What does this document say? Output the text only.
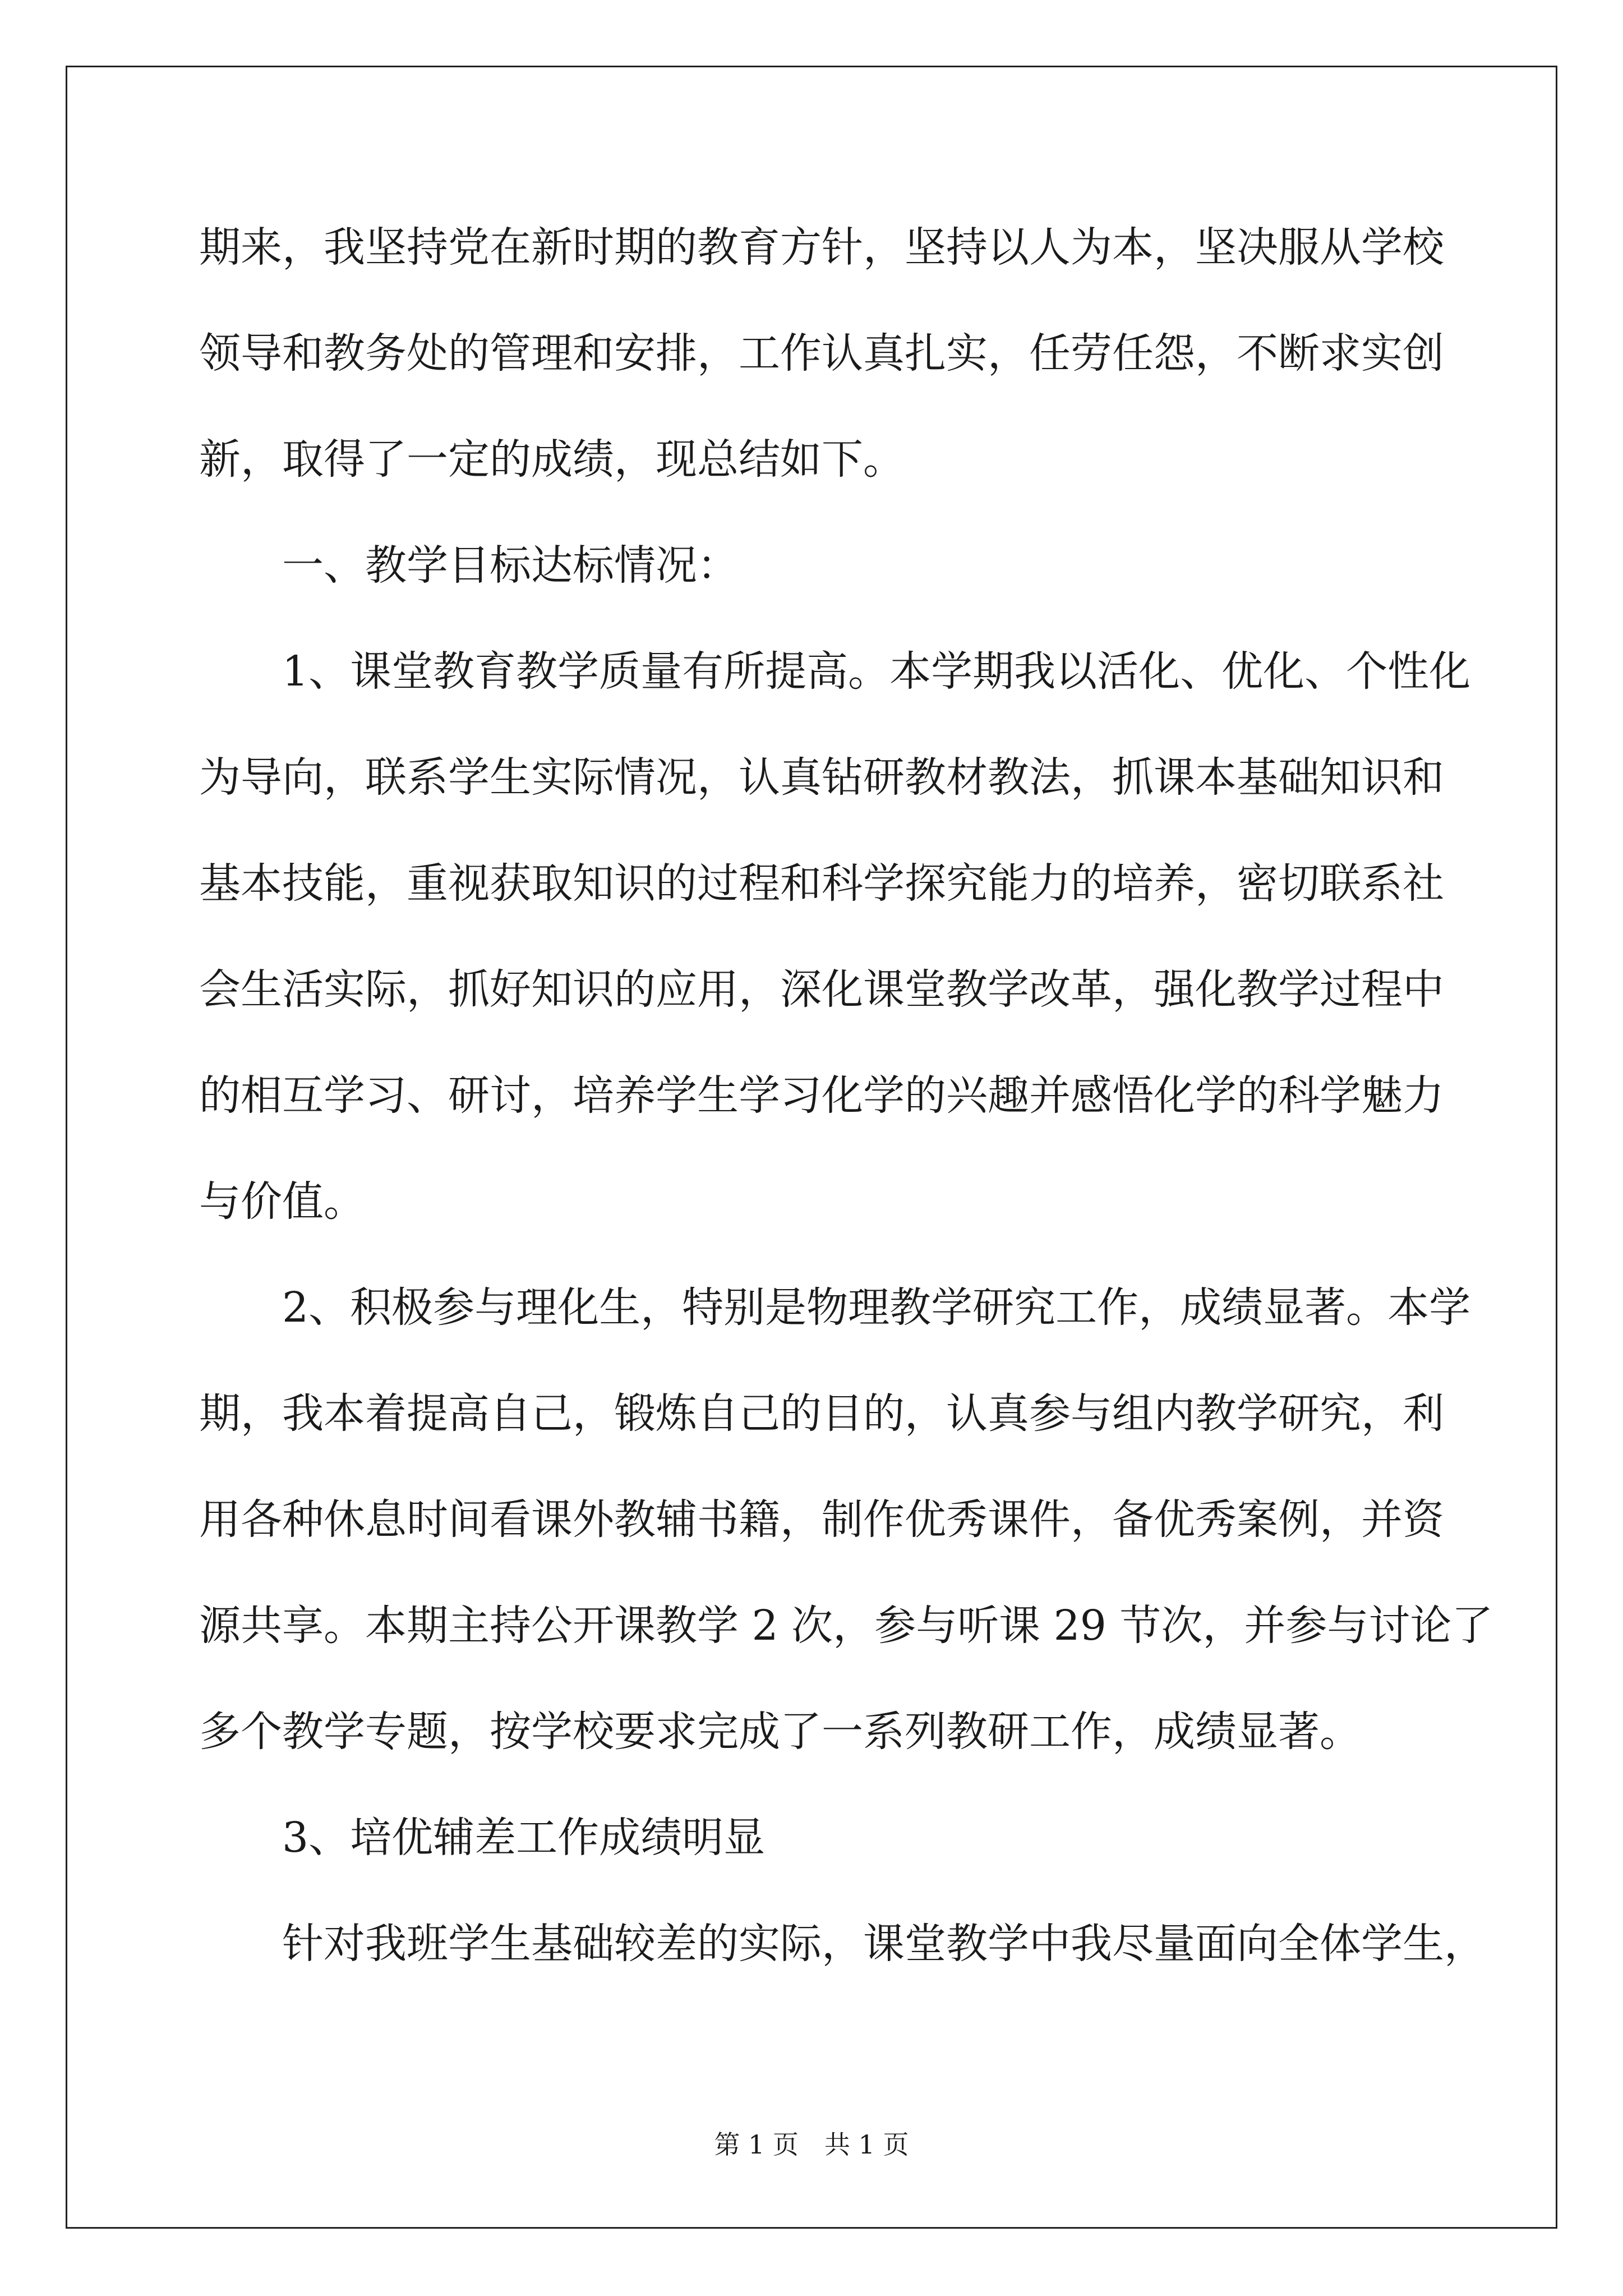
期来，我坚持党在新时期的教育方针，坚持以人为本，坚决服从学校
领导和教务处的管理和安排，工作认真扎实，任劳任怨，不断求实创
新，取得了一定的成绩，现总结如下。
一、教学目标达标情况：
1、课堂教育教学质量有所提高。本学期我以活化、优化、个性化
为导向，联系学生实际情况，认真钻研教材教法，抓课本基础知识和
基本技能，重视获取知识的过程和科学探究能力的培养，密切联系社
会生活实际，抓好知识的应用，深化课堂教学改革，强化教学过程中
的相互学习、研讨，培养学生学习化学的兴趣并感悟化学的科学魅力
与价值。
2、积极参与理化生，特别是物理教学研究工作，成绩显著。本学
期，我本着提高自己，锻炼自己的目的，认真参与组内教学研究，利
用各种休息时间看课外教辅书籍，制作优秀课件，备优秀案例，并资
源共享。本期主持公开课教学 2 次，参与听课 29 节次，并参与讨论了
多个教学专题，按学校要求完成了一系列教研工作，成绩显著。
3、培优辅差工作成绩明显
针对我班学生基础较差的实际，课堂教学中我尽量面向全体学生，
第 1 页 共 1 页
